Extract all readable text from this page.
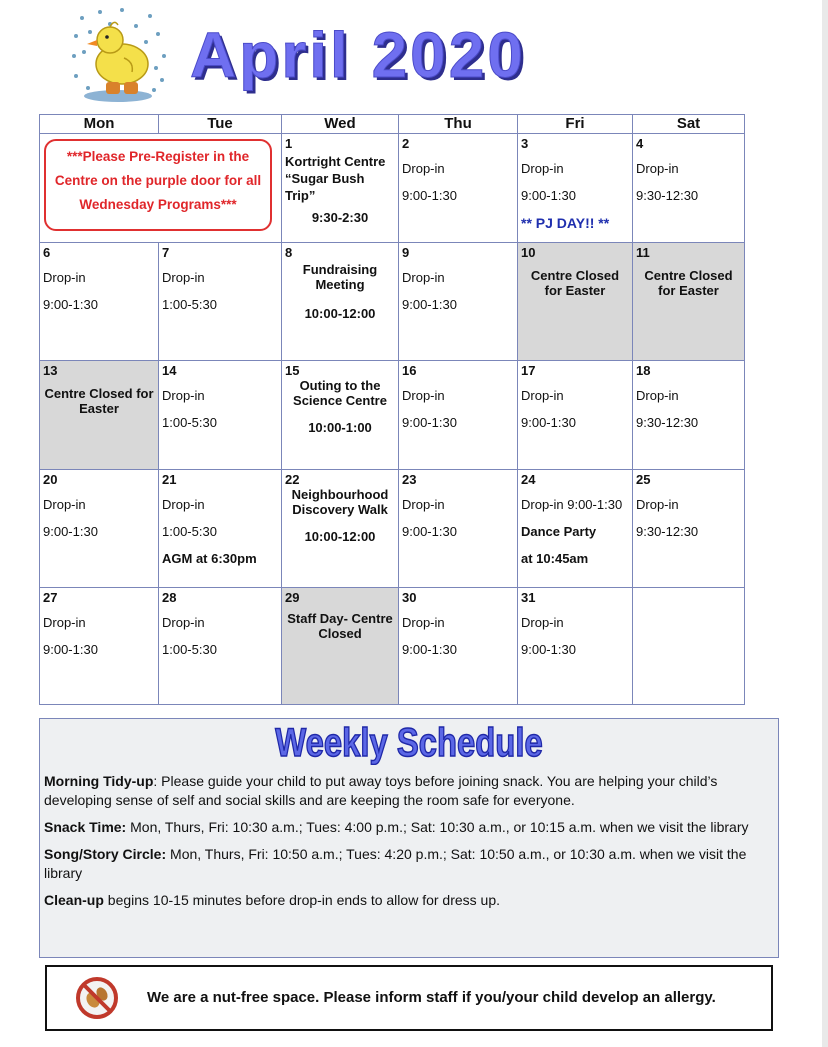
April 2020
Mon	Tue	Wed	Thu	Fri	Sat

***Please Pre-Register in the Centre on the purple door for all Wednesday Programs***		1
Kortright Centre “Sugar Bush Trip”
9:30-2:30	2
Drop-in
9:00-1:30	3
Drop-in
9:00-1:30
** PJ DAY!! **	4
Drop-in
9:30-12:30

6
Drop-in
9:00-1:30	7
Drop-in
1:00-5:30	8
Fundraising Meeting
10:00-12:00	9
Drop-in
9:00-1:30	10
Centre Closed for Easter	11
Centre Closed for Easter

13
Centre Closed for Easter	14
Drop-in
1:00-5:30	15
Outing to the Science Centre
10:00-1:00	16
Drop-in
9:00-1:30	17
Drop-in
9:00-1:30	18
Drop-in
9:30-12:30

20
Drop-in
9:00-1:30	21
Drop-in
1:00-5:30
AGM at 6:30pm	22
Neighbourhood Discovery Walk
10:00-12:00	23
Drop-in
9:00-1:30	24
Drop-in 9:00-1:30
Dance Party
at 10:45am	25
Drop-in
9:30-12:30

27
Drop-in
9:00-1:30	28
Drop-in
1:00-5:30	29
Staff Day- Centre Closed	30
Drop-in
9:00-1:30	31
Drop-in
9:00-1:30	

Weekly Schedule
Morning Tidy-up: Please guide your child to put away toys before joining snack. You are helping your child’s developing sense of self and social skills and are keeping the room safe for everyone.
Snack Time: Mon, Thurs, Fri: 10:30 a.m.; Tues: 4:00 p.m.; Sat: 10:30 a.m., or 10:15 a.m. when we visit the library
Song/Story Circle: Mon, Thurs, Fri: 10:50 a.m.; Tues: 4:20 p.m.; Sat: 10:50 a.m., or 10:30 a.m. when we visit the library
Clean-up begins 10-15 minutes before drop-in ends to allow for dress up.
We are a nut-free space. Please inform staff if you/your child develop an allergy.
